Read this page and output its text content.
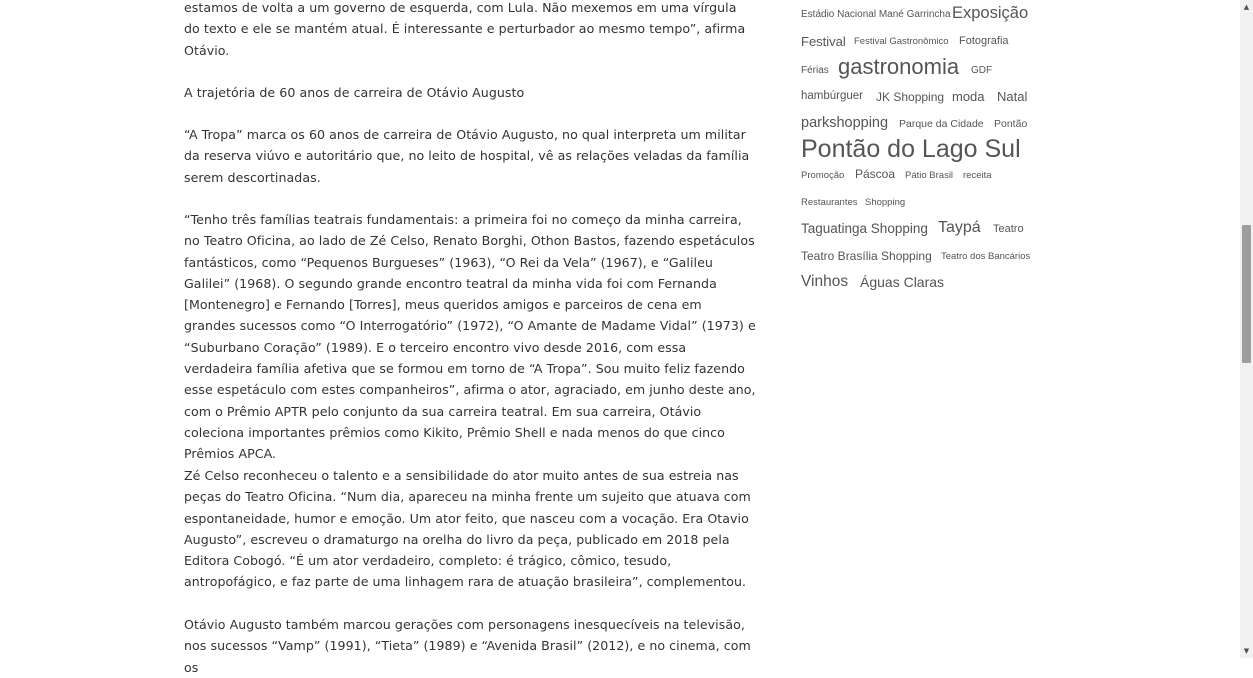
estamos de volta a um governo de esquerda, com Lula. Não mexemos em uma vírgula do texto e ele se mantém atual. É interessante e perturbador ao mesmo tempo”, afirma Otávio.

A trajetória de 60 anos de carreira de Otávio Augusto

“A Tropa” marca os 60 anos de carreira de Otávio Augusto, no qual interpreta um militar da reserva viúvo e autoritário que, no leito de hospital, vê as relações veladas da família serem descortinadas.

“Tenho três famílias teatrais fundamentais: a primeira foi no começo da minha carreira, no Teatro Oficina, ao lado de Zé Celso, Renato Borghi, Othon Bastos, fazendo espetáculos fantásticos, como “Pequenos Burgueses” (1963), “O Rei da Vela” (1967), e “Galileu Galilei” (1968). O segundo grande encontro teatral da minha vida foi com Fernanda [Montenegro] e Fernando [Torres], meus queridos amigos e parceiros de cena em grandes sucessos como “O Interrogatório” (1972), “O Amante de Madame Vidal” (1973) e “Suburbano Coração” (1989). E o terceiro encontro vivo desde 2016, com essa verdadeira família afetiva que se formou em torno de “A Tropa”. Sou muito feliz fazendo esse espetáculo com estes companheiros”, afirma o ator, agraciado, em junho deste ano, com o Prêmio APTR pelo conjunto da sua carreira teatral. Em sua carreira, Otávio coleciona importantes prêmios como Kikito, Prêmio Shell e nada menos do que cinco Prêmios APCA.

Zé Celso reconheceu o talento e a sensibilidade do ator muito antes de sua estreia nas peças do Teatro Oficina. “Num dia, apareceu na minha frente um sujeito que atuava com espontaneidade, humor e emoção. Um ator feito, que nasceu com a vocação. Era Otavio Augusto”, escreveu o dramaturgo na orelha do livro da peça, publicado em 2018 pela Editora Cobogó. “É um ator verdadeiro, completo: é trágico, cômico, tesudo, antropofágico, e faz parte de uma linhagem rara de atuação brasileira”, complementou.

Otávio Augusto também marcou gerações com personagens inesquecíveis na televisão, nos sucessos “Vamp” (1991), “Tieta” (1989) e “Avenida Brasil” (2012), e no cinema, com os

Estádio Nacional Mané Garrincha Exposição
Festival Festival Gastronômico Fotografia
Férias gastronomia GDF
hambúrguer JK Shopping moda Natal
parkshopping Parque da Cidade Pontão
Pontão do Lago Sul
Promoção Páscoa Pátio Brasil receita
Restaurantes Shopping
Taguatinga Shopping Taypá Teatro
Teatro Brasília Shopping Teatro dos Bancários
Vinhos Águas Claras
▲
▼
